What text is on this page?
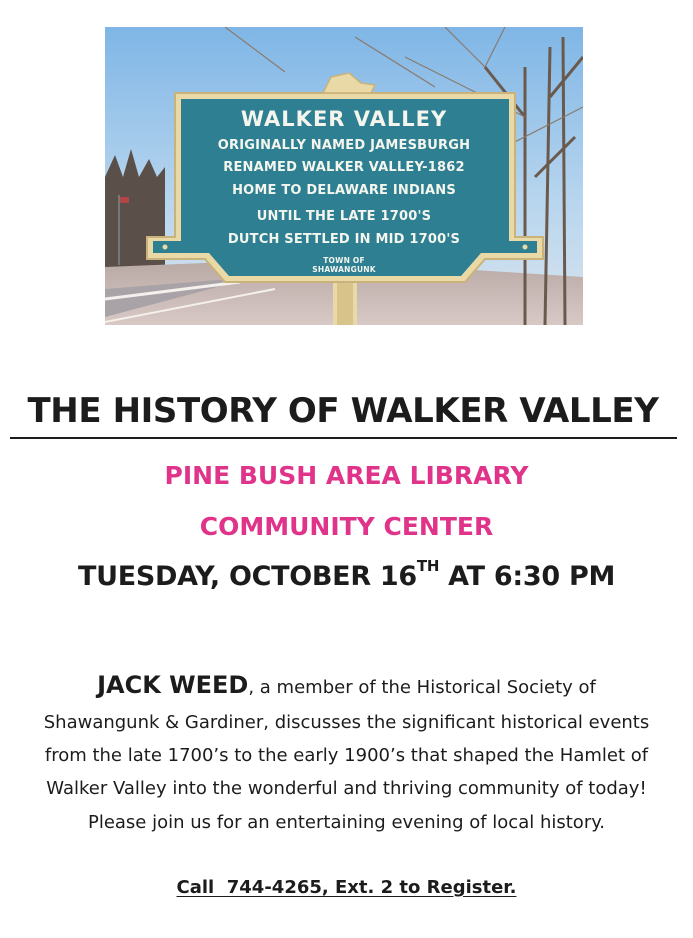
WALKER VALLEY
ORIGINALLY NAMED JAMESBURGH
RENAMED WALKER VALLEY-1862
HOME TO DELAWARE INDIANS
UNTIL THE LATE 1700'S
DUTCH SETTLED IN MID 1700'S
TOWN OF
SHAWANGUNK
THE HISTORY OF WALKER VALLEY
PINE BUSH AREA LIBRARY
COMMUNITY CENTER
TUESDAY, OCTOBER 16TH AT 6:30 PM
JACK WEED, a member of the Historical Society of
Shawangunk & Gardiner, discusses the significant historical events
from the late 1700’s to the early 1900’s that shaped the Hamlet of
Walker Valley into the wonderful and thriving community of today!
Please join us for an entertaining evening of local history.
Call  744-4265, Ext. 2 to Register.
